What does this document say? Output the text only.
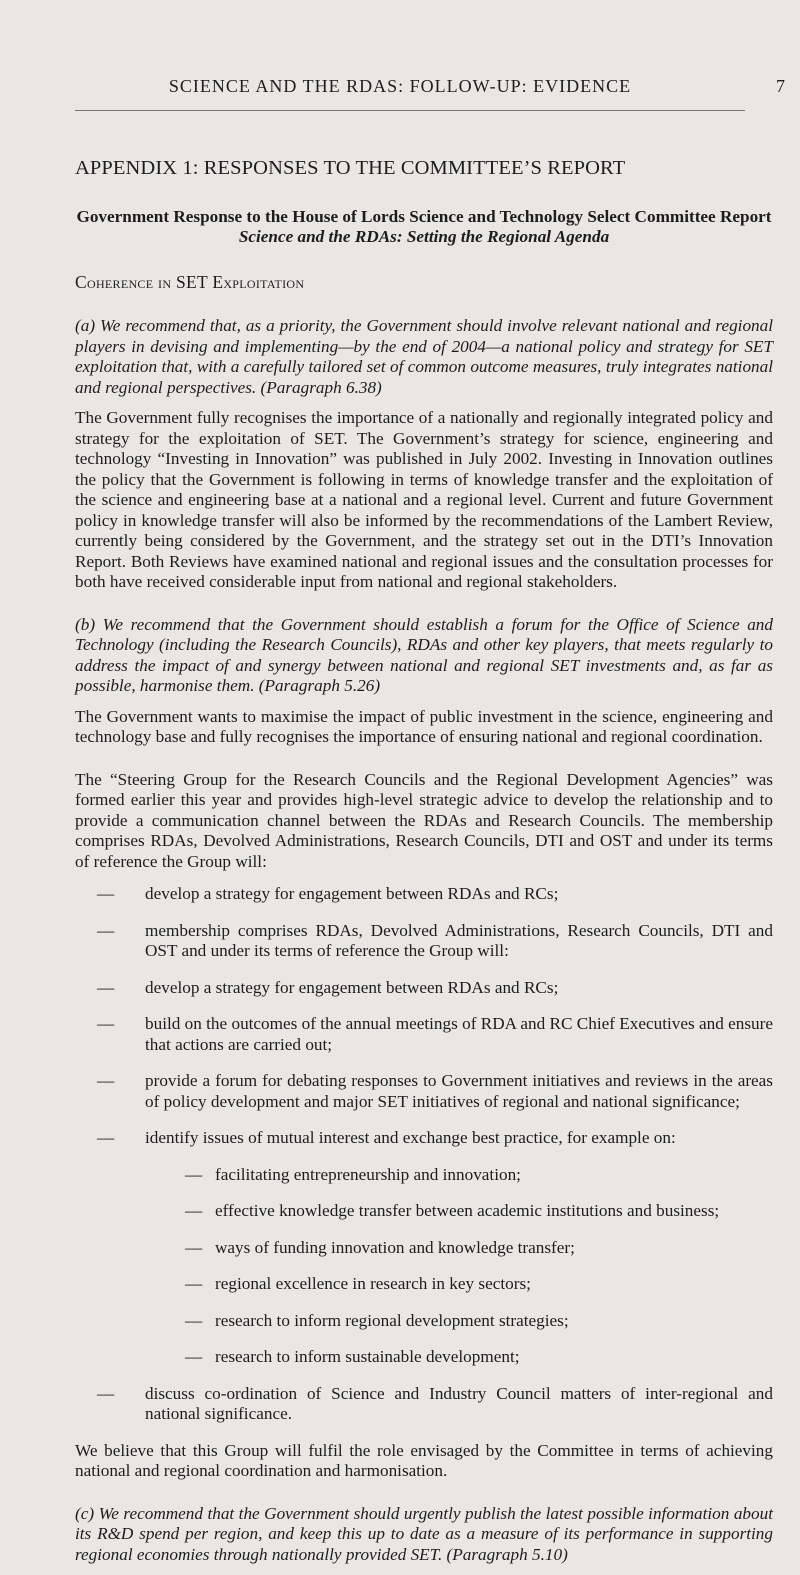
SCIENCE AND THE RDAS: FOLLOW-UP: EVIDENCE	7
APPENDIX 1: RESPONSES TO THE COMMITTEE’S REPORT
Government Response to the House of Lords Science and Technology Select Committee Report Science and the RDAs: Setting the Regional Agenda
Coherence in SET Exploitation

(a) We recommend that, as a priority, the Government should involve relevant national and regional players in devising and implementing—by the end of 2004—a national policy and strategy for SET exploitation that, with a carefully tailored set of common outcome measures, truly integrates national and regional perspectives. (Paragraph 6.38)

The Government fully recognises the importance of a nationally and regionally integrated policy and strategy for the exploitation of SET. The Government’s strategy for science, engineering and technology “Investing in Innovation” was published in July 2002. Investing in Innovation outlines the policy that the Government is following in terms of knowledge transfer and the exploitation of the science and engineering base at a national and a regional level. Current and future Government policy in knowledge transfer will also be informed by the recommendations of the Lambert Review, currently being considered by the Government, and the strategy set out in the DTI’s Innovation Report. Both Reviews have examined national and regional issues and the consultation processes for both have received considerable input from national and regional stakeholders.

(b) We recommend that the Government should establish a forum for the Office of Science and Technology (including the Research Councils), RDAs and other key players, that meets regularly to address the impact of and synergy between national and regional SET investments and, as far as possible, harmonise them. (Paragraph 5.26)

The Government wants to maximise the impact of public investment in the science, engineering and technology base and fully recognises the importance of ensuring national and regional coordination.

The “Steering Group for the Research Councils and the Regional Development Agencies” was formed earlier this year and provides high-level strategic advice to develop the relationship and to provide a communication channel between the RDAs and Research Councils. The membership comprises RDAs, Devolved Administrations, Research Councils, DTI and OST and under its terms of reference the Group will:

— develop a strategy for engagement between RDAs and RCs;
— membership comprises RDAs, Devolved Administrations, Research Councils, DTI and OST and under its terms of reference the Group will:
— develop a strategy for engagement between RDAs and RCs;
— build on the outcomes of the annual meetings of RDA and RC Chief Executives and ensure that actions are carried out;
— provide a forum for debating responses to Government initiatives and reviews in the areas of policy development and major SET initiatives of regional and national significance;
— identify issues of mutual interest and exchange best practice, for example on:
— facilitating entrepreneurship and innovation;
— effective knowledge transfer between academic institutions and business;
— ways of funding innovation and knowledge transfer;
— regional excellence in research in key sectors;
— research to inform regional development strategies;
— research to inform sustainable development;
— discuss co-ordination of Science and Industry Council matters of inter-regional and national significance.

We believe that this Group will fulfil the role envisaged by the Committee in terms of achieving national and regional coordination and harmonisation.

(c) We recommend that the Government should urgently publish the latest possible information about its R&D spend per region, and keep this up to date as a measure of its performance in supporting regional economies through nationally provided SET. (Paragraph 5.10)
